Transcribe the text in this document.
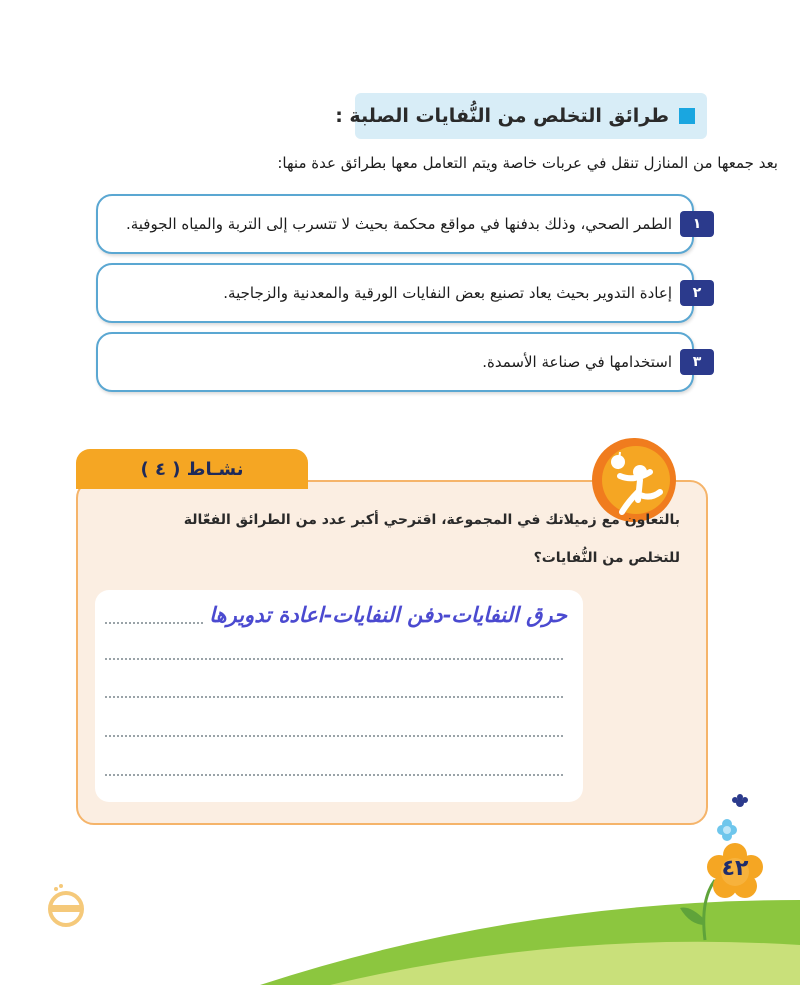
طرائق التخلص من النُّفايات الصلبة :
بعد جمعها من المنازل تنقل في عربات خاصة ويتم التعامل معها بطرائق عدة منها:
١
الطمر الصحي، وذلك بدفنها في مواقع محكمة بحيث لا تتسرب إلى التربة والمياه الجوفية.
٢
إعادة التدوير بحيث يعاد تصنيع بعض النفايات الورقية والمعدنية والزجاجية.
٣
استخدامها في صناعة الأسمدة.
نشـاط ( ٤ )
بالتعاون مع زميلاتك في المجموعة، اقترحي أكبر عدد من الطرائق الفعّالة
للتخلص من النُّفايات؟
حرق النفايات-دفن النفايات-اعادة تدويرها
٤٢
